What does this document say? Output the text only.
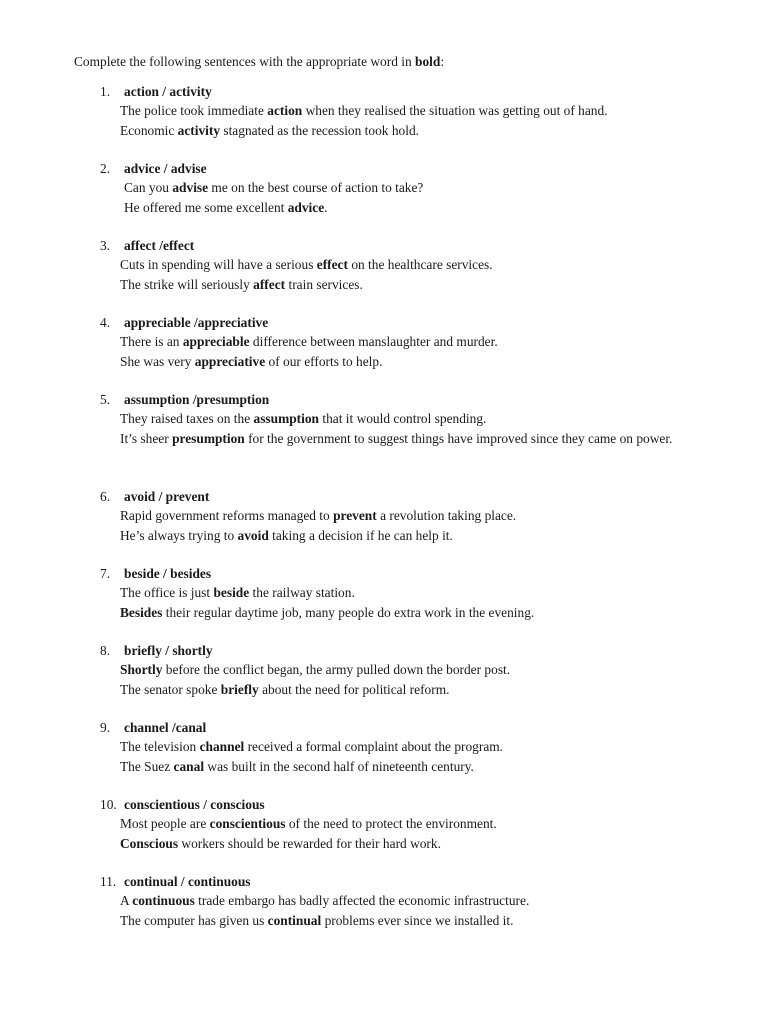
Complete the following sentences with the appropriate word in bold:
1. action / activity
The police took immediate action when they realised the situation was getting out of hand.
Economic activity stagnated as the recession took hold.
2. advice / advise
Can you advise me on the best course of action to take?
He offered me some excellent advice.
3. affect /effect
Cuts in spending will have a serious effect on the healthcare services.
The strike will seriously affect train services.
4. appreciable /appreciative
There is an appreciable difference between manslaughter and murder.
She was very appreciative of our efforts to help.
5. assumption /presumption
They raised taxes on the assumption that it would control spending.
It’s sheer presumption for the government to suggest things have improved since they came on power.
6. avoid / prevent
Rapid government reforms managed to prevent a revolution taking place.
He’s always trying to avoid taking a decision if he can help it.
7. beside / besides
The office is just beside the railway station.
Besides their regular daytime job, many people do extra work in the evening.
8. briefly / shortly
Shortly before the conflict began, the army pulled down the border post.
The senator spoke briefly about the need for political reform.
9. channel /canal
The television channel received a formal complaint about the program.
The Suez canal was built in the second half of nineteenth century.
10. conscientious / conscious
Most people are conscientious of the need to protect the environment.
Conscious workers should be rewarded for their hard work.
11. continual / continuous
A continuous trade embargo has badly affected the economic infrastructure.
The computer has given us continual problems ever since we installed it.
